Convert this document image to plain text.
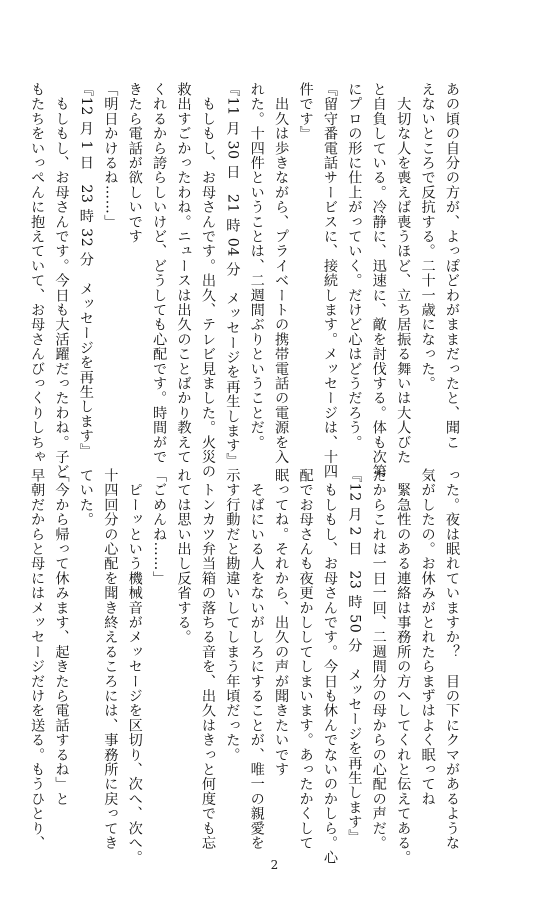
あの頃の自分の方が、よっぽどわがままだったと、聞こ
えないところで反抗する。二十一歳になった。
　大切な人を喪えば喪うほど、立ち居振る舞いは大人びた
と自負している。冷静に、迅速に、敵を討伐する。体も次第
にプロの形に仕上がっていく。だけど心はどうだろう。
『留守番電話サービスに、接続します。メッセージは、十四
件です』
　出久は歩きながら、プライベートの携帯電話の電源を入
れた。十四件ということは、二週間ぶりということだ。
『11 月 30 日　21 時 04 分　メッセージを再生します』
　もしもし、お母さんです。出久、テレビ見ました。火災の
救出すごかったわね。ニュースは出久のことばかり教えて
くれるから誇らしいけど、どうしても心配です。時間がで
きたら電話が欲しいです
「明日かけるね……」
『12 月 1 日　23 時 32 分　メッセージを再生します』
　もしもし、お母さんです。今日も大活躍だったわね。子ど
もたちをいっぺんに抱えていて、お母さんびっくりしちゃ
った。夜は眠れていますか？　目の下にクマがあるような
気がしたの。お休みがとれたらまずはよく眠ってね
　緊急性のある連絡は事務所の方へしてくれと伝えてある。
だからこれは一日一回、二週間分の母からの心配の声だ。
『12 月 2 日　23 時 50 分　メッセージを再生します』
　もしもし、お母さんです。今日も休んでないのかしら。心
配でお母さんも夜更かししてしまいます。あったかくして
眠ってね。それから、出久の声が聞きたいです
　そばにいる人をないがしろにすることが、唯一の親愛を
示す行動だと勘違いしてしまう年頃だった。
　トンカツ弁当箱の落ちる音を、出久はきっと何度でも忘
れては思い出し反省する。
「ごめんね……」
　ピーッという機械音がメッセージを区切り、次へ、次へ。
十四回分の心配を聞き終えるころには、事務所に戻ってき
ていた。
「今から帰って休みます、起きたら電話するね」と
早朝だからと母にはメッセージだけを送る。もうひとり、
2
